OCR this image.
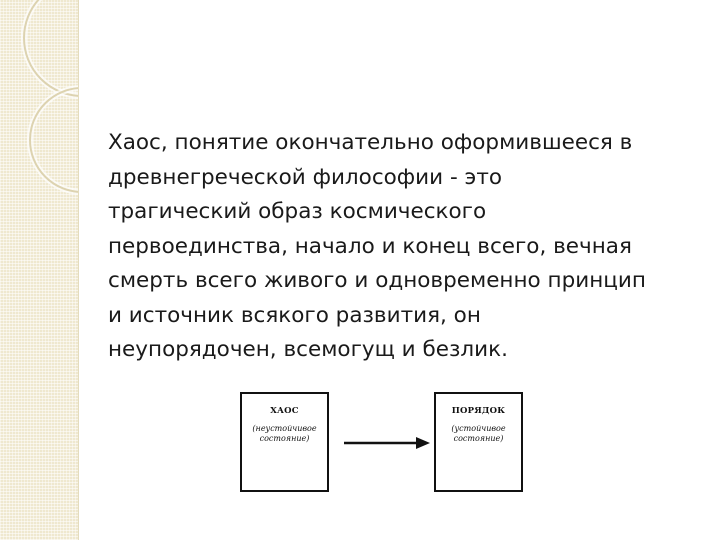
Хаос, понятие окончательно оформившееся в
древнегреческой философии - это
трагический образ космического
первоединства, начало и конец всего, вечная
смерть всего живого и одновременно принцип
и источник всякого развития, он
неупорядочен, всемогущ и безлик.

ХАОС
(неустойчивое
состояние)
ПОРЯДОК
(устойчивое
состояние)
